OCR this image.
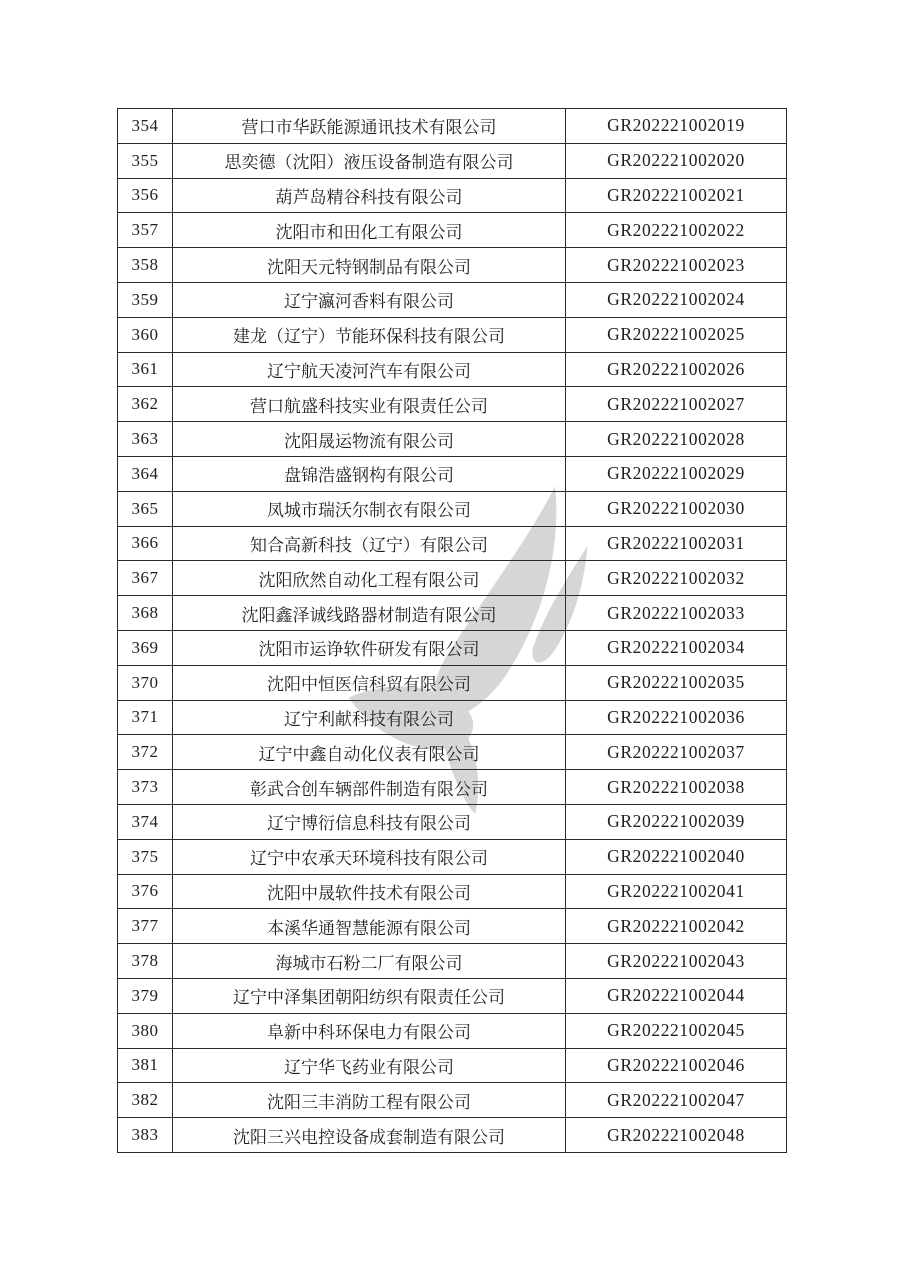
354	营口市华跃能源通讯技术有限公司	GR202221002019
355	思奕德（沈阳）液压设备制造有限公司	GR202221002020
356	葫芦岛精谷科技有限公司	GR202221002021
357	沈阳市和田化工有限公司	GR202221002022
358	沈阳天元特钢制品有限公司	GR202221002023
359	辽宁瀛河香料有限公司	GR202221002024
360	建龙（辽宁）节能环保科技有限公司	GR202221002025
361	辽宁航天凌河汽车有限公司	GR202221002026
362	营口航盛科技实业有限责任公司	GR202221002027
363	沈阳晟运物流有限公司	GR202221002028
364	盘锦浩盛钢构有限公司	GR202221002029
365	凤城市瑞沃尔制衣有限公司	GR202221002030
366	知合高新科技（辽宁）有限公司	GR202221002031
367	沈阳欣然自动化工程有限公司	GR202221002032
368	沈阳鑫泽诚线路器材制造有限公司	GR202221002033
369	沈阳市运诤软件研发有限公司	GR202221002034
370	沈阳中恒医信科贸有限公司	GR202221002035
371	辽宁利献科技有限公司	GR202221002036
372	辽宁中鑫自动化仪表有限公司	GR202221002037
373	彰武合创车辆部件制造有限公司	GR202221002038
374	辽宁博衍信息科技有限公司	GR202221002039
375	辽宁中农承天环境科技有限公司	GR202221002040
376	沈阳中晟软件技术有限公司	GR202221002041
377	本溪华通智慧能源有限公司	GR202221002042
378	海城市石粉二厂有限公司	GR202221002043
379	辽宁中泽集团朝阳纺织有限责任公司	GR202221002044
380	阜新中科环保电力有限公司	GR202221002045
381	辽宁华飞药业有限公司	GR202221002046
382	沈阳三丰消防工程有限公司	GR202221002047
383	沈阳三兴电控设备成套制造有限公司	GR202221002048
